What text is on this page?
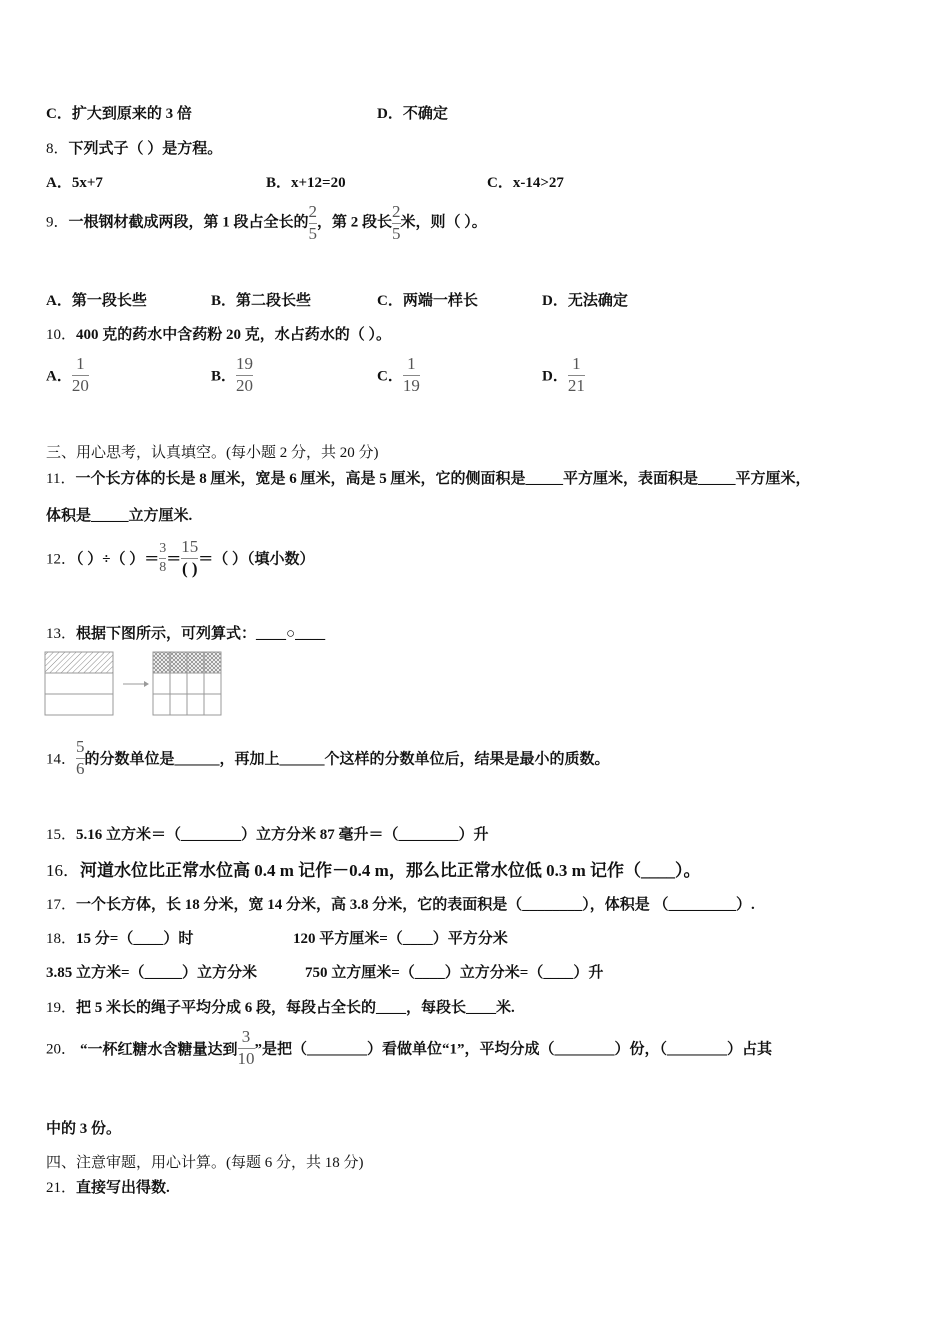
C．扩大到原来的 3 倍	D．不确定
8．下列式子（ ）是方程。
A．5x+7	B．x+12=20	C．x-14>27
9．一根钢材截成两段，第 1 段占全长的 $\frac{2}{5}$ ，第 2 段长 $\frac{2}{5}$ 米，则（ ）。
A．第一段长些	B．第二段长些	C．两端一样长	D．无法确定
10．400 克的药水中含药粉 20 克，水占药水的（ ）。
A． $\frac{1}{20}$	B． $\frac{19}{20}$	C． $\frac{1}{19}$	D． $\frac{1}{21}$
三、用心思考，认真填空。(每小题 2 分，共 20 分)
11．一个长方体的长是 8 厘米，宽是 6 厘米，高是 5 厘米，它的侧面积是_____平方厘米，表面积是_____平方厘米，
体积是_____立方厘米.
12．（ ）÷（ ）＝ $\frac{3}{8} = \frac{15}{( )}$ ＝（ ）（填小数）
13．根据下图所示，可列算式：____○____
14． $\frac{5}{6}$ 的分数单位是______，再加上______个这样的分数单位后，结果是最小的质数。
15．5.16 立方米＝（________）立方分米 87 毫升＝（________）升
16．河道水位比正常水位高 0.4 m 记作－0.4 m，那么比正常水位低 0.3 m 记作（____）。
17．一个长方体，长 18 分米，宽 14 分米，高 3.8 分米，它的表面积是（________），体积是 （_________）.
18．15 分=（____）时	120 平方厘米=（____）平方分米
3.85 立方米=（_____）立方分米	750 立方厘米=（____）立方分米=（____）升
19．把 5 米长的绳子平均分成 6 段，每段占全长的____，每段长____米.
20． “一杯红糖水含糖量达到 $\frac{3}{10}$ ”是把（________）看做单位“1”，平均分成（________）份，（________）占其
中的 3 份。
四、注意审题，用心计算。(每题 6 分，共 18 分)
21．直接写出得数.
